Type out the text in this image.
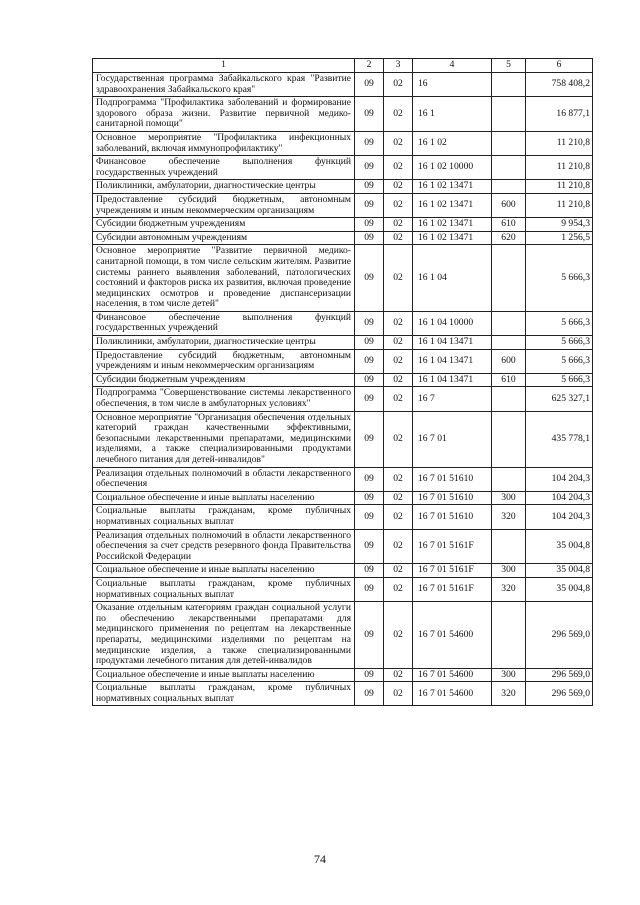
1	2	3	4	5	6
Государственная программа Забайкальского края "Развитие здравоохранения Забайкальского края"	09	02	16		758 408,2
Подпрограмма "Профилактика заболеваний и формирование здорового образа жизни. Развитие первичной медико-санитарной помощи"	09	02	16 1		16 877,1
Основное мероприятие "Профилактика инфекционных заболеваний, включая иммунопрофилактику"	09	02	16 1 02		11 210,8
Финансовое обеспечение выполнения функций государственных учреждений	09	02	16 1 02 10000		11 210,8
Поликлиники, амбулатории, диагностические центры	09	02	16 1 02 13471		11 210,8
Предоставление субсидий бюджетным, автономным учреждениям и иным некоммерческим организациям	09	02	16 1 02 13471	600	11 210,8
Субсидии бюджетным учреждениям	09	02	16 1 02 13471	610	9 954,3
Субсидии автономным учреждениям	09	02	16 1 02 13471	620	1 256,5
Основное мероприятие "Развитие первичной медико-санитарной помощи, в том числе сельским жителям. Развитие системы раннего выявления заболеваний, патологических состояний и факторов риска их развития, включая проведение медицинских осмотров и проведение диспансеризации населения, в том числе детей"	09	02	16 1 04		5 666,3
Финансовое обеспечение выполнения функций государственных учреждений	09	02	16 1 04 10000		5 666,3
Поликлиники, амбулатории, диагностические центры	09	02	16 1 04 13471		5 666,3
Предоставление субсидий бюджетным, автономным учреждениям и иным некоммерческим организациям	09	02	16 1 04 13471	600	5 666,3
Субсидии бюджетным учреждениям	09	02	16 1 04 13471	610	5 666,3
Подпрограмма "Совершенствование системы лекарственного обеспечения, в том числе в амбулаторных условиях"	09	02	16 7		625 327,1
Основное мероприятие "Организация обеспечения отдельных категорий граждан качественными эффективными, безопасными лекарственными препаратами, медицинскими изделиями, а также специализированными продуктами лечебного питания для детей-инвалидов"	09	02	16 7 01		435 778,1
Реализация отдельных полномочий в области лекарственного обеспечения	09	02	16 7 01 51610		104 204,3
Социальное обеспечение и иные выплаты населению	09	02	16 7 01 51610	300	104 204,3
Социальные выплаты гражданам, кроме публичных нормативных социальных выплат	09	02	16 7 01 51610	320	104 204,3
Реализация отдельных полномочий в области лекарственного обеспечения за счет средств резервного фонда Правительства Российской Федерации	09	02	16 7 01 5161F		35 004,8
Социальное обеспечение и иные выплаты населению	09	02	16 7 01 5161F	300	35 004,8
Социальные выплаты гражданам, кроме публичных нормативных социальных выплат	09	02	16 7 01 5161F	320	35 004,8
Оказание отдельным категориям граждан социальной услуги по обеспечению лекарственными препаратами для медицинского применения по рецептам на лекарственные препараты, медицинскими изделиями по рецептам на медицинские изделия, а также специализированными продуктами лечебного питания для детей-инвалидов	09	02	16 7 01 54600		296 569,0
Социальное обеспечение и иные выплаты населению	09	02	16 7 01 54600	300	296 569,0
Социальные выплаты гражданам, кроме публичных нормативных социальных выплат	09	02	16 7 01 54600	320	296 569,0
74
